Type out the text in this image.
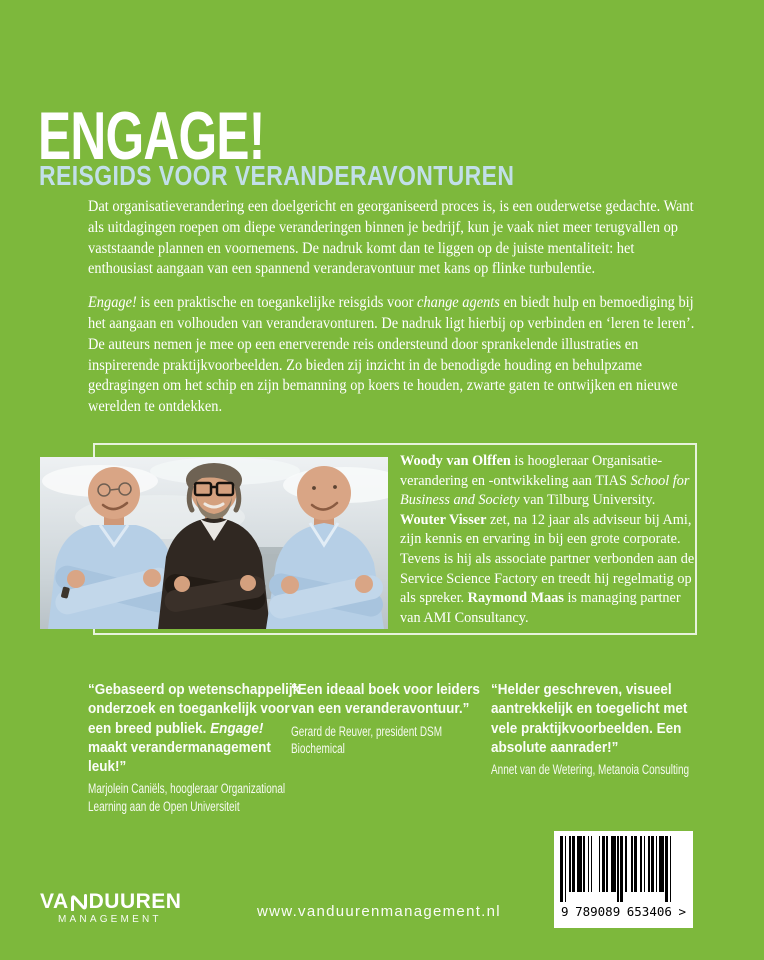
ENGAGE!
REISGIDS VOOR VERANDERAVONTUREN

Dat organisatieverandering een doelgericht en georganiseerd proces is, is een ouderwetse gedachte. Want als uitdagingen roepen om diepe veranderingen binnen je bedrijf, kun je vaak niet meer terugvallen op vaststaande plannen en voornemens. De nadruk komt dan te liggen op de juiste mentaliteit: het enthousiast aangaan van een spannend veranderavontuur met kans op flinke turbulentie.

Engage! is een praktische en toegankelijke reisgids voor change agents en biedt hulp en bemoediging bij het aangaan en volhouden van veranderavonturen. De nadruk ligt hierbij op verbinden en ‘leren te leren’. De auteurs nemen je mee op een enerverende reis ondersteund door sprankelende illustraties en inspirerende praktijkvoorbeelden. Zo bieden zij inzicht in de benodigde houding en behulpzame gedragingen om het schip en zijn bemanning op koers te houden, zwarte gaten te ontwijken en nieuwe werelden te ontdekken.

Woody van Olffen is hoogleraar Organisatieverandering en -ontwikkeling aan TIAS School for Business and Society van Tilburg University. Wouter Visser zet, na 12 jaar als adviseur bij Ami, zijn kennis en ervaring in bij een grote corporate. Tevens is hij als associate partner verbonden aan de Service Science Factory en treedt hij regelmatig op als spreker. Raymond Maas is managing partner van AMI Consultancy.

“Gebaseerd op wetenschappelijk onderzoek en toegankelijk voor een breed publiek. Engage! maakt verandermanagement leuk!”

Marjolein Caniëls, hoogleraar Organizational Learning aan de Open Universiteit

“Een ideaal boek voor leiders van een veranderavontuur.”

Gerard de Reuver, president DSM Biochemical

“Helder geschreven, visueel aantrekkelijk en toegelicht met vele praktijkvoorbeelden. Een absolute aanrader!”

Annet van de Wetering, Metanoia Consulting

VA DUUREN
MANAGEMENT	www.vanduurenmanagement.nl	9 789089 653406 >
